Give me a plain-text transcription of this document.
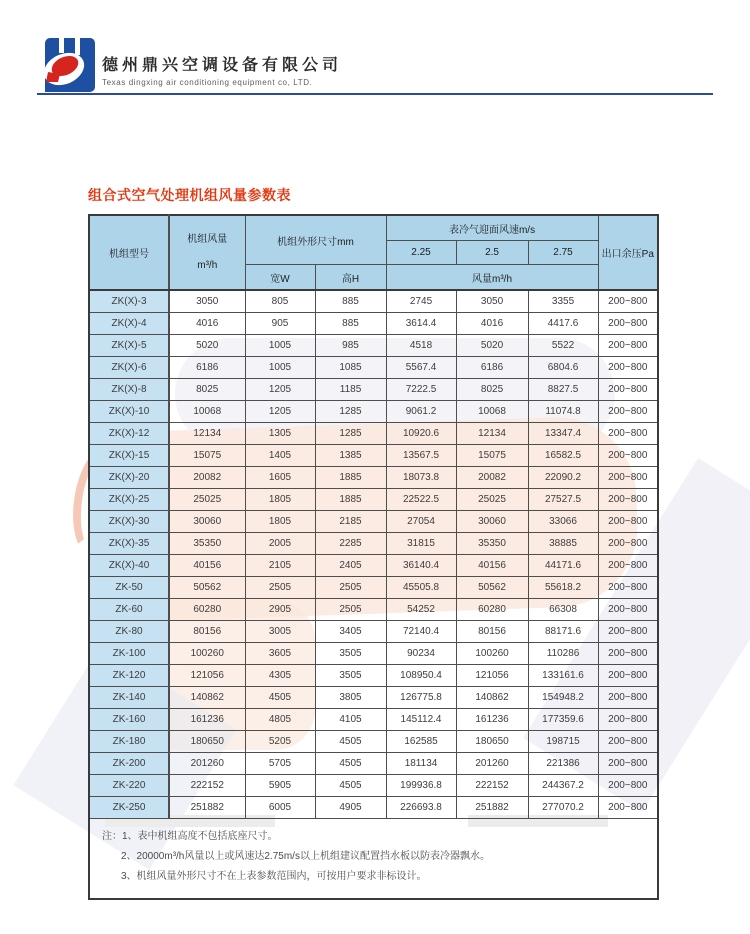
德州鼎兴空调设备有限公司
Texas dingxing air conditioning equipment co, LTD.
组合式空气处理机组风量参数表
机组型号	机组风量
m³/h	机组外形尺寸mm		表冷气迎面风速m/s			出口余压Pa
				2.25	2.5	2.75	
		宽W	高H	风量m³/h			
ZK(X)-3	3050	805	885	2745	3050	3355	200~800
ZK(X)-4	4016	905	885	3614.4	4016	4417.6	200~800
ZK(X)-5	5020	1005	985	4518	5020	5522	200~800
ZK(X)-6	6186	1005	1085	5567.4	6186	6804.6	200~800
ZK(X)-8	8025	1205	1185	7222.5	8025	8827.5	200~800
ZK(X)-10	10068	1205	1285	9061.2	10068	11074.8	200~800
ZK(X)-12	12134	1305	1285	10920.6	12134	13347.4	200~800
ZK(X)-15	15075	1405	1385	13567.5	15075	16582.5	200~800
ZK(X)-20	20082	1605	1885	18073.8	20082	22090.2	200~800
ZK(X)-25	25025	1805	1885	22522.5	25025	27527.5	200~800
ZK(X)-30	30060	1805	2185	27054	30060	33066	200~800
ZK(X)-35	35350	2005	2285	31815	35350	38885	200~800
ZK(X)-40	40156	2105	2405	36140.4	40156	44171.6	200~800
ZK-50	50562	2505	2505	45505.8	50562	55618.2	200~800
ZK-60	60280	2905	2505	54252	60280	66308	200~800
ZK-80	80156	3005	3405	72140.4	80156	88171.6	200~800
ZK-100	100260	3605	3505	90234	100260	110286	200~800
ZK-120	121056	4305	3505	108950.4	121056	133161.6	200~800
ZK-140	140862	4505	3805	126775.8	140862	154948.2	200~800
ZK-160	161236	4805	4105	145112.4	161236	177359.6	200~800
ZK-180	180650	5205	4505	162585	180650	198715	200~800
ZK-200	201260	5705	4505	181134	201260	221386	200~800
ZK-220	222152	5905	4505	199936.8	222152	244367.2	200~800
ZK-250	251882	6005	4905	226693.8	251882	277070.2	200~800

注：1、表中机组高度不包括底座尺寸。
2、20000m³/h风量以上或风速达2.75m/s以上机组建议配置挡水板以防表冷器飘水。
3、机组风量外形尺寸不在上表参数范围内，可按用户要求非标设计。							
